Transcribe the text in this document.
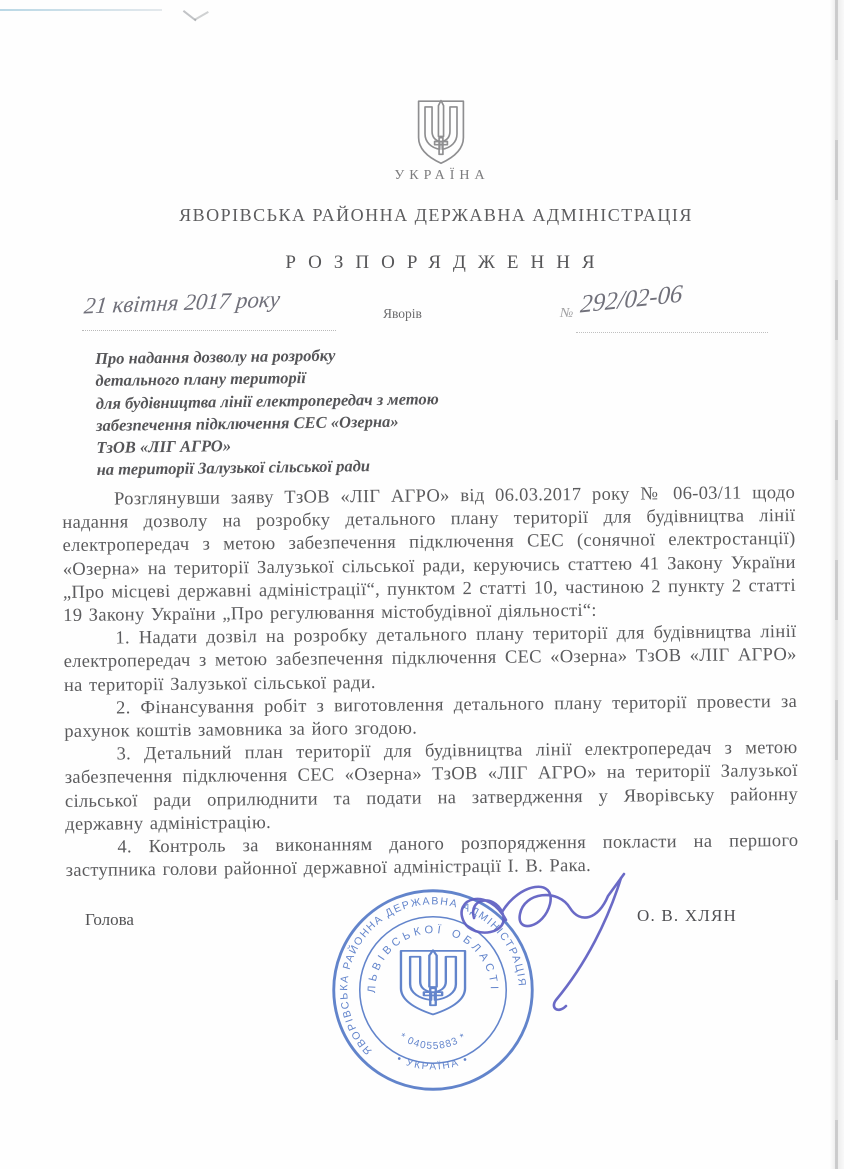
УКРАЇНА
ЯВОРІВСЬКА РАЙОННА ДЕРЖАВНА АДМІНІСТРАЦІЯ
РОЗПОРЯДЖЕННЯ
21 квітня 2017 року	Яворів	№ 292/02-06
Про надання дозволу на розробку
детального плану території
для будівництва лінії електропередач з метою
забезпечення підключення СЕС «Озерна»
ТзОВ «ЛІГ АГРО»
на території Залузької сільської ради

Розглянувши заяву ТзОВ «ЛІГ АГРО» від 06.03.2017 року № 06-03/11 щодо надання дозволу на розробку детального плану території для будівництва лінії електропередач з метою забезпечення підключення СЕС (сонячної електростанції) «Озерна» на території Залузької сільської ради, керуючись статтею 41 Закону України „Про місцеві державні адміністрації“, пунктом 2 статті 10, частиною 2 пункту 2 статті 19 Закону України „Про регулювання містобудівної діяльності“:

1. Надати дозвіл на розробку детального плану території для будівництва лінії електропередач з метою забезпечення підключення СЕС «Озерна» ТзОВ «ЛІГ АГРО» на території Залузької сільської ради.

2. Фінансування робіт з виготовлення детального плану території провести за рахунок коштів замовника за його згодою.

3. Детальний план території для будівництва лінії електропередач з метою забезпечення підключення СЕС «Озерна» ТзОВ «ЛІГ АГРО» на території Залузької сільської ради оприлюднити та подати на затвердження у Яворівську районну державну адміністрацію.

4. Контроль за виконанням даного розпорядження покласти на першого заступника голови районної державної адміністрації І. В. Рака.

Голова	О. В. ХЛЯН
ЯВОРІВСЬКА РАЙОННА ДЕРЖАВНА АДМІНІСТРАЦІЯ
ЛЬВІВСЬКОЇ ОБЛАСТІ
* 04055883 *
• УКРАЇНА •
